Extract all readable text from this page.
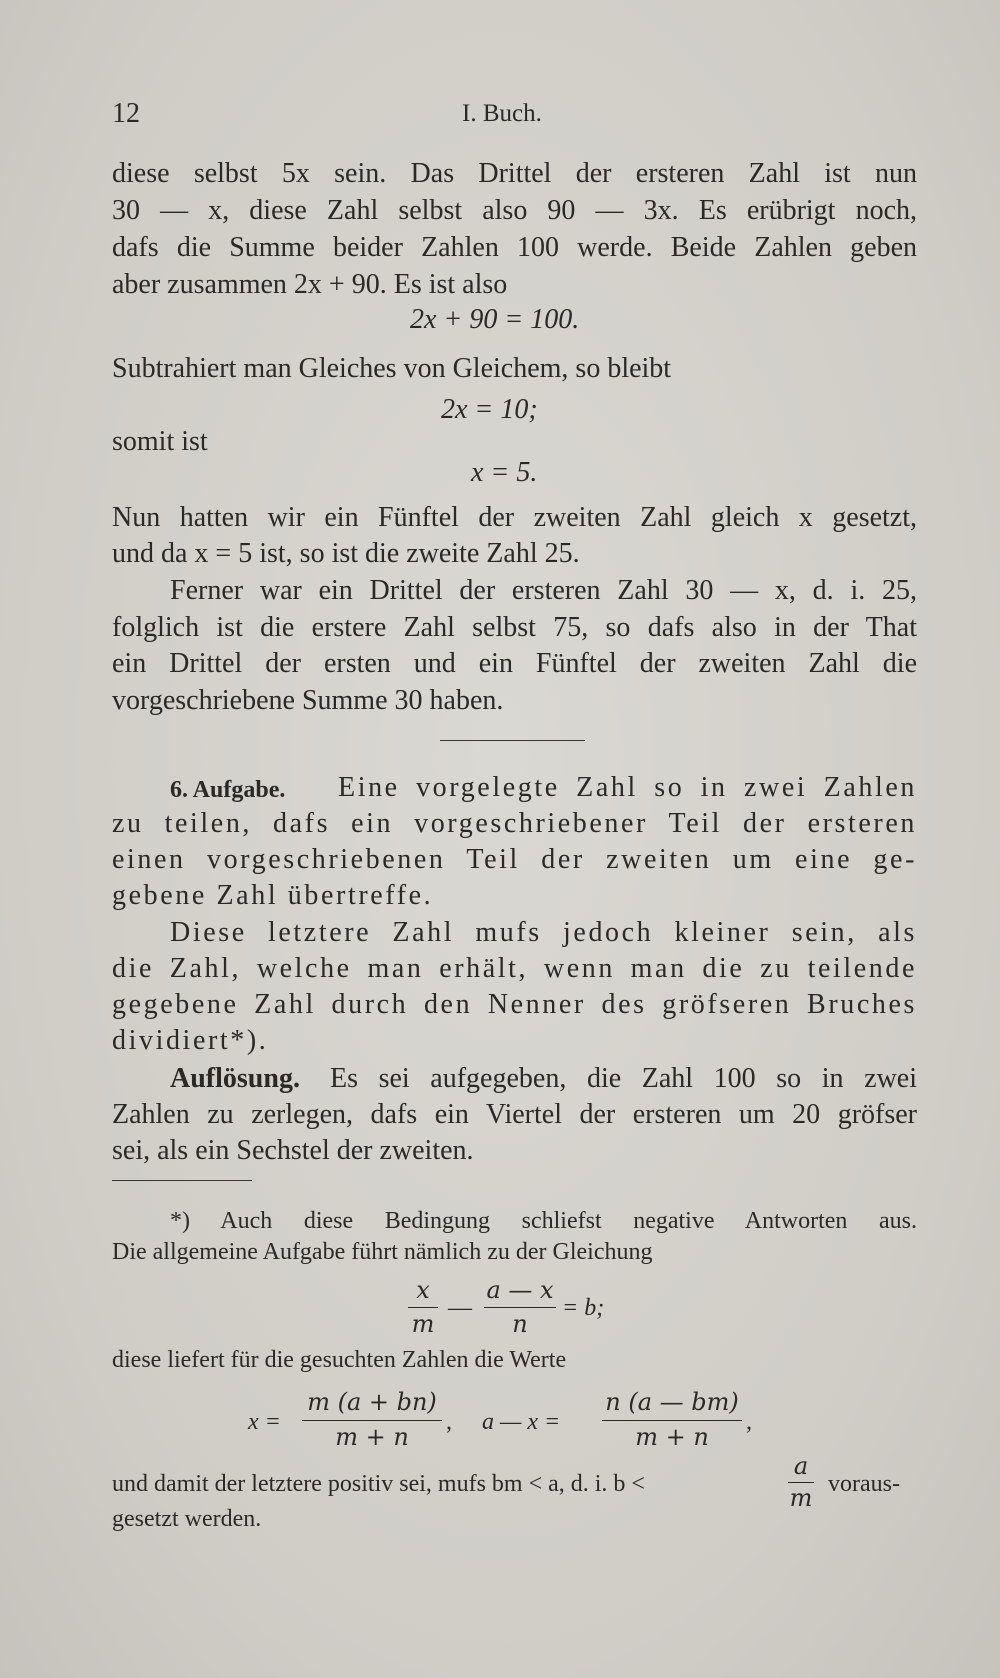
12	I. Buch.
diese selbst 5x sein. Das Drittel der ersteren Zahl ist nun
30 — x, diese Zahl selbst also 90 — 3x. Es erübrigt noch,
dafs die Summe beider Zahlen 100 werde. Beide Zahlen geben
aber zusammen 2x + 90. Es ist also
2x + 90 = 100.
Subtrahiert man Gleiches von Gleichem, so bleibt
2x = 10;
somit ist
x = 5.
Nun hatten wir ein Fünftel der zweiten Zahl gleich x gesetzt,
und da x = 5 ist, so ist die zweite Zahl 25.
Ferner war ein Drittel der ersteren Zahl 30 — x, d. i. 25,
folglich ist die erstere Zahl selbst 75, so dafs also in der That
ein Drittel der ersten und ein Fünftel der zweiten Zahl die
vorgeschriebene Summe 30 haben.
6. Aufgabe. Eine vorgelegte Zahl so in zwei Zahlen
zu teilen, dafs ein vorgeschriebener Teil der ersteren
einen vorgeschriebenen Teil der zweiten um eine ge-
gebene Zahl übertreffe.
Diese letztere Zahl mufs jedoch kleiner sein, als
die Zahl, welche man erhält, wenn man die zu teilende
gegebene Zahl durch den Nenner des gröfseren Bruches
dividiert*).
Auflösung. Es sei aufgegeben, die Zahl 100 so in zwei
Zahlen zu zerlegen, dafs ein Viertel der ersteren um 20 gröfser
sei, als ein Sechstel der zweiten.
*) Auch diese Bedingung schliefst negative Antworten aus.
Die allgemeine Aufgabe führt nämlich zu der Gleichung
x
m
—
a — x
n
= b;
diese liefert für die gesuchten Zahlen die Werte
x =
m (a + bn)
m + n
, a — x =
n (a — bm)
m + n
,
und damit der letztere positiv sei, mufs bm < a, d. i. b <
a
m voraus-
gesetzt werden.
